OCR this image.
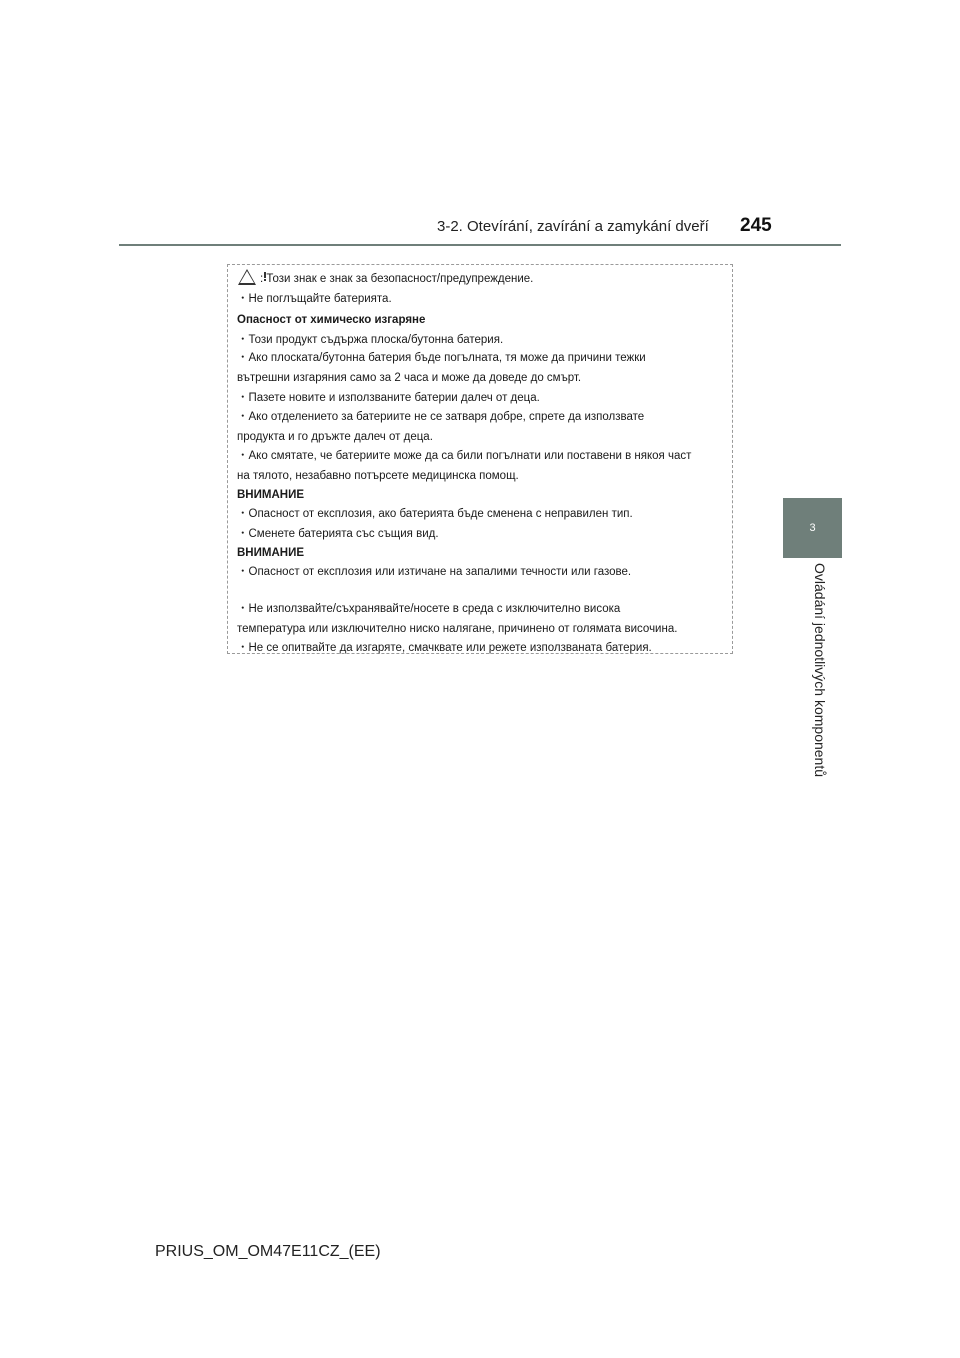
3-2. Otevírání, zavírání a zamykání dveří 245
3
Ovládání jednotlivých komponentů
: Този знак е знак за безопасност/предупреждение.
・Не поглъщайте батерията.
Опасност от химическо изгаряне
・Този продукт съдържа плоска/бутонна батерия.
・Ако плоската/бутонна батерия бъде погълната, тя може да причини тежки
вътрешни изгаряния само за 2 часа и може да доведе до смърт.
・Пазете новите и използваните батерии далеч от деца.
・Ако отделението за батериите не се затваря добре, спрете да използвате
продукта и го дръжте далеч от деца.
・Ако смятате, че батериите може да са били погълнати или поставени в някоя част
на тялото, незабавно потърсете медицинска помощ.
ВНИМАНИЕ
・Опасност от експлозия, ако батерията бъде сменена с неправилен тип.
・Сменете батерията със същия вид.
ВНИМАНИЕ
・Опасност от експлозия или изтичане на запалими течности или газове.
・Не използвайте/съхранявайте/носете в среда с изключително висока
температура или изключително ниско налягане, причинено от голямата височина.
・Не се опитвайте да изгаряте, смачквате или режете използваната батерия.
PRIUS_OM_OM47E11CZ_(EE)
